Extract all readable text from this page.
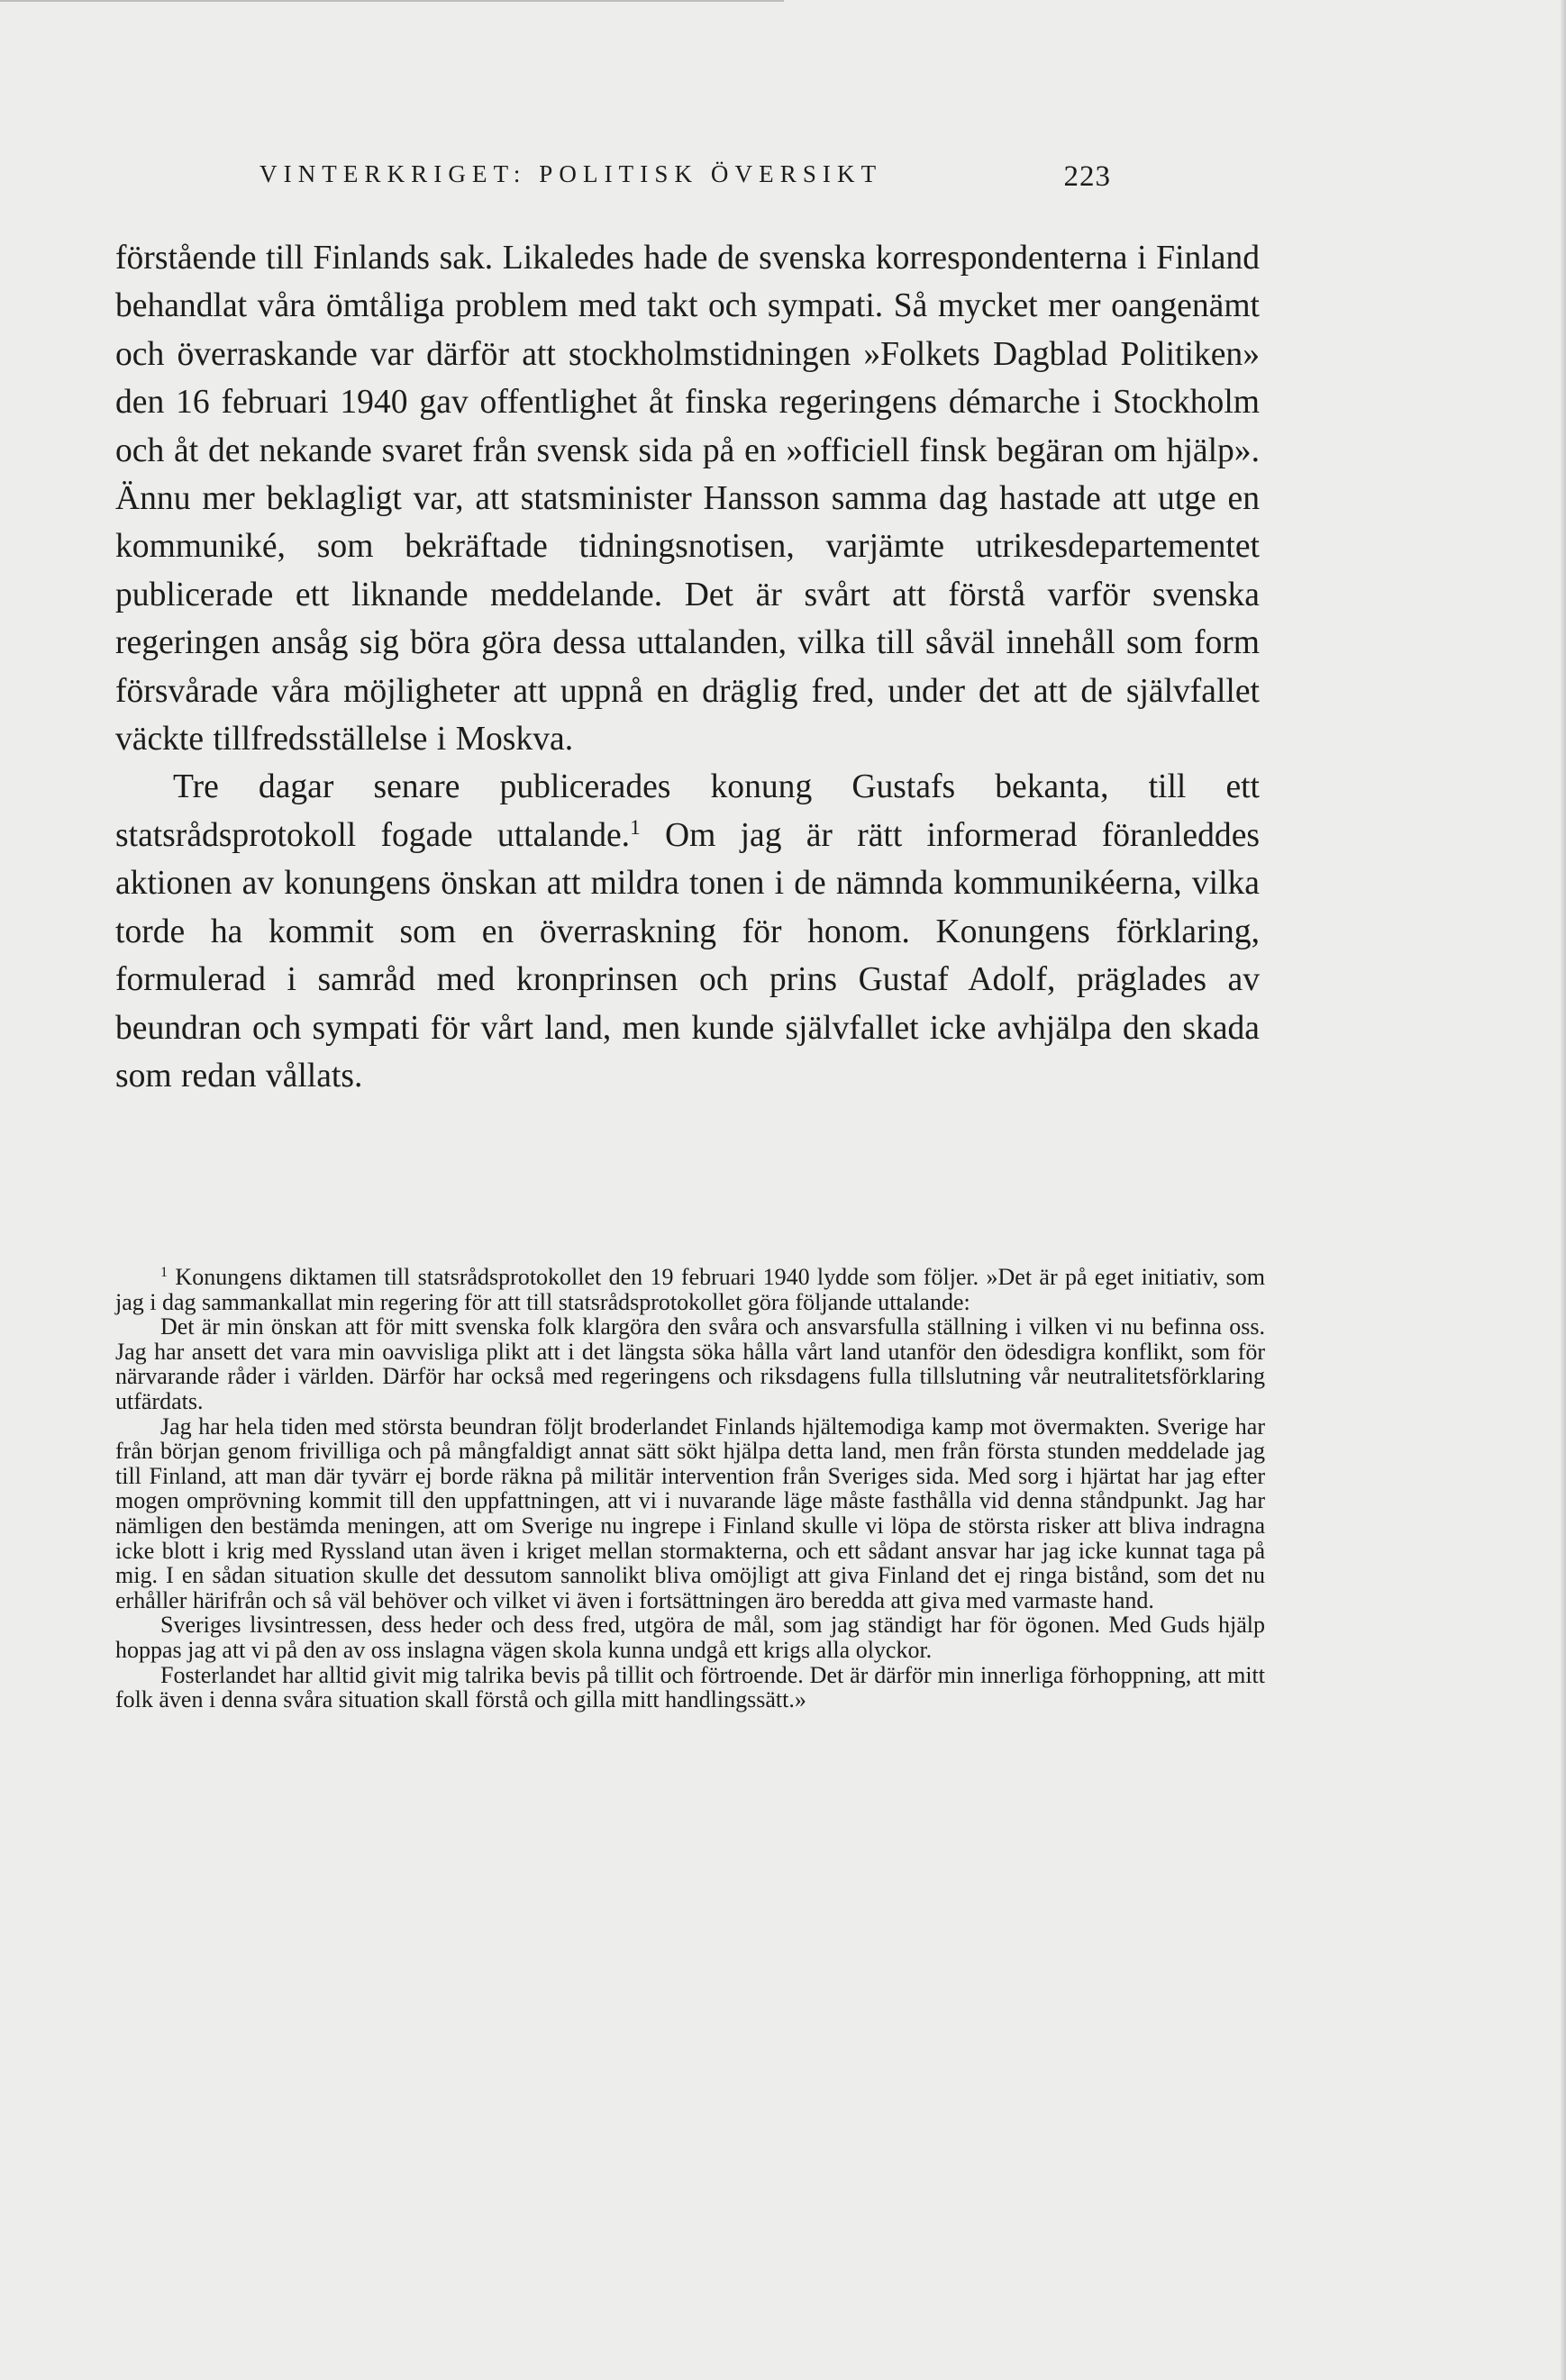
VINTERKRIGET: POLITISK ÖVERSIKT	223

förstående till Finlands sak. Likaledes hade de svenska korrespondenterna i Finland behandlat våra ömtåliga problem med takt och sympati. Så mycket mer oangenämt och överraskande var därför att stockholmstidningen »Folkets Dagblad Politiken» den 16 februari 1940 gav offentlighet åt finska regeringens démarche i Stockholm och åt det nekande svaret från svensk sida på en »officiell finsk begäran om hjälp». Ännu mer beklagligt var, att statsminister Hansson samma dag hastade att utge en kommuniké, som bekräftade tidningsnotisen, varjämte utrikesdepartementet publicerade ett liknande meddelande. Det är svårt att förstå varför svenska regeringen ansåg sig böra göra dessa uttalanden, vilka till såväl innehåll som form försvårade våra möjligheter att uppnå en dräglig fred, under det att de självfallet väckte tillfredsställelse i Moskva.

Tre dagar senare publicerades konung Gustafs bekanta, till ett statsrådsprotokoll fogade uttalande.$^1$ Om jag är rätt informerad föranleddes aktionen av konungens önskan att mildra tonen i de nämnda kommunikéerna, vilka torde ha kommit som en överraskning för honom. Konungens förklaring, formulerad i samråd med kronprinsen och prins Gustaf Adolf, präglades av beundran och sympati för vårt land, men kunde självfallet icke avhjälpa den skada som redan vållats.

$^1$ Konungens diktamen till statsrådsprotokollet den 19 februari 1940 lydde som följer. »Det är på eget initiativ, som jag i dag sammankallat min regering för att till statsrådsprotokollet göra följande uttalande:

Det är min önskan att för mitt svenska folk klargöra den svåra och ansvarsfulla ställning i vilken vi nu befinna oss. Jag har ansett det vara min oavvisliga plikt att i det längsta söka hålla vårt land utanför den ödesdigra konflikt, som för närvarande råder i världen. Därför har också med regeringens och riksdagens fulla tillslutning vår neutralitetsförklaring utfärdats.

Jag har hela tiden med största beundran följt broderlandet Finlands hjältemodiga kamp mot övermakten. Sverige har från början genom frivilliga och på mångfaldigt annat sätt sökt hjälpa detta land, men från första stunden meddelade jag till Finland, att man där tyvärr ej borde räkna på militär intervention från Sveriges sida. Med sorg i hjärtat har jag efter mogen omprövning kommit till den uppfattningen, att vi i nuvarande läge måste fasthålla vid denna ståndpunkt. Jag har nämligen den bestämda meningen, att om Sverige nu ingrepe i Finland skulle vi löpa de största risker att bliva indragna icke blott i krig med Ryssland utan även i kriget mellan stormakterna, och ett sådant ansvar har jag icke kunnat taga på mig. I en sådan situation skulle det dessutom sannolikt bliva omöjligt att giva Finland det ej ringa bistånd, som det nu erhåller härifrån och så väl behöver och vilket vi även i fortsättningen äro beredda att giva med varmaste hand.

Sveriges livsintressen, dess heder och dess fred, utgöra de mål, som jag ständigt har för ögonen. Med Guds hjälp hoppas jag att vi på den av oss inslagna vägen skola kunna undgå ett krigs alla olyckor.

Fosterlandet har alltid givit mig talrika bevis på tillit och förtroende. Det är därför min innerliga förhoppning, att mitt folk även i denna svåra situation skall förstå och gilla mitt handlingssätt.»
